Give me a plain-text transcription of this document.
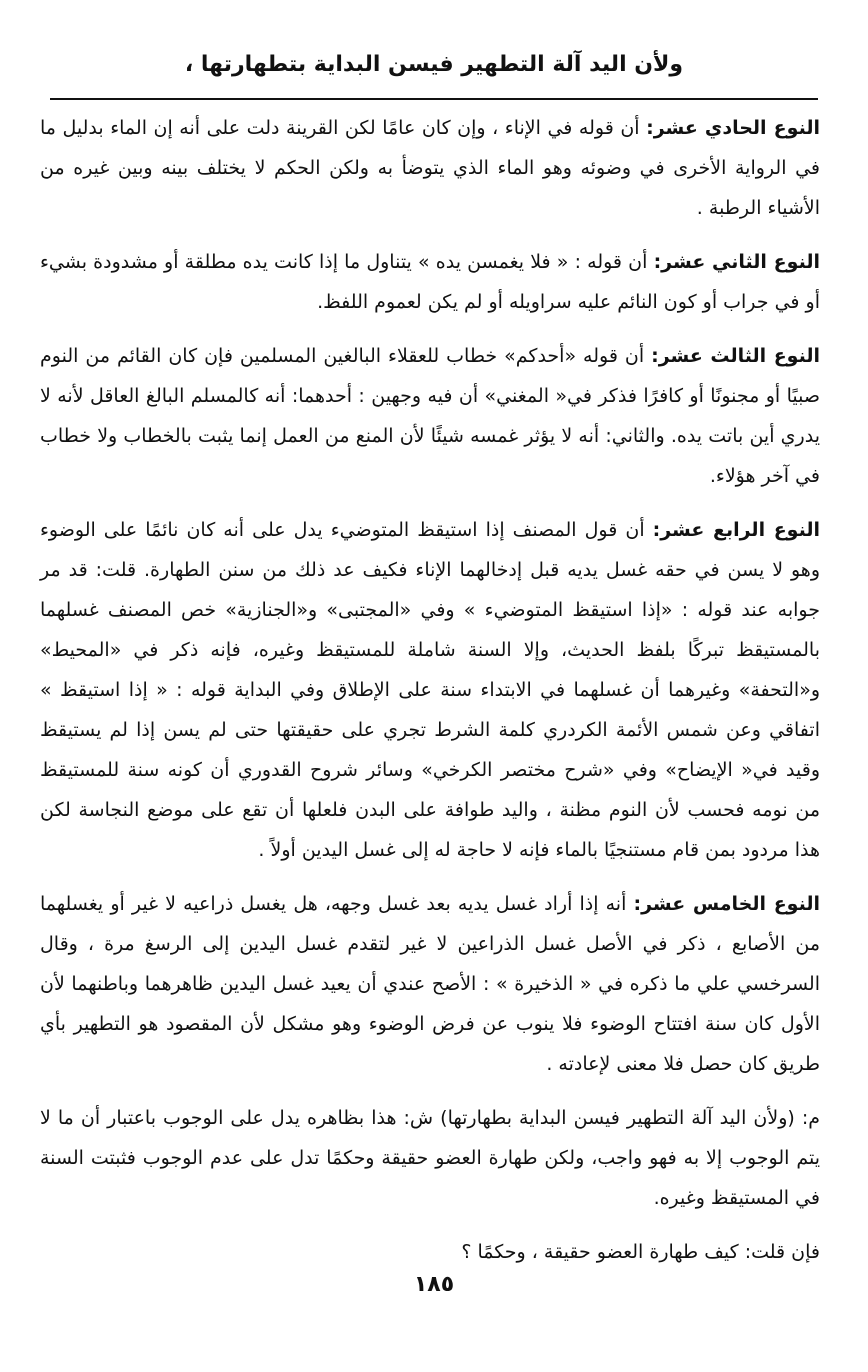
ولأن اليد آلة التطهير فيسن البداية بتطهارتها ،

النوع الحادي عشر: أن قوله في الإناء ، وإن كان عامًا لكن القرينة دلت على أنه إن الماء بدليل ما في الرواية الأخرى في وضوئه وهو الماء الذي يتوضأ به ولكن الحكم لا يختلف بينه وبين غيره من الأشياء الرطبة .

النوع الثاني عشر: أن قوله : « فلا يغمسن يده » يتناول ما إذا كانت يده مطلقة أو مشدودة بشيء أو في جراب أو كون النائم عليه سراويله أو لم يكن لعموم اللفظ.

النوع الثالث عشر: أن قوله «أحدكم» خطاب للعقلاء البالغين المسلمين فإن كان القائم من النوم صبيًا أو مجنونًا أو كافرًا فذكر في« المغني» أن فيه وجهين : أحدهما: أنه كالمسلم البالغ العاقل لأنه لا يدري أين باتت يده. والثاني: أنه لا يؤثر غمسه شيئًا لأن المنع من العمل إنما يثبت بالخطاب ولا خطاب في آخر هؤلاء.

النوع الرابع عشر: أن قول المصنف إذا استيقظ المتوضيء يدل على أنه كان نائمًا على الوضوء وهو لا يسن في حقه غسل يديه قبل إدخالهما الإناء فكيف عد ذلك من سنن الطهارة. قلت: قد مر جوابه عند قوله : «إذا استيقظ المتوضيء » وفي «المجتبى» و«الجنازية» خص المصنف غسلهما بالمستيقظ تبركًا بلفظ الحديث، وإلا السنة شاملة للمستيقظ وغيره، فإنه ذكر في «المحيط» و«التحفة» وغيرهما أن غسلهما في الابتداء سنة على الإطلاق وفي البداية قوله : « إذا استيقظ » اتفاقي وعن شمس الأئمة الكردري كلمة الشرط تجري على حقيقتها حتى لم يسن إذا لم يستيقظ وقيد في« الإيضاح» وفي «شرح مختصر الكرخي» وسائر شروح القدوري أن كونه سنة للمستيقظ من نومه فحسب لأن النوم مظنة ، واليد طوافة على البدن فلعلها أن تقع على موضع النجاسة لكن هذا مردود بمن قام مستنجيًا بالماء فإنه لا حاجة له إلى غسل اليدين أولاً .

النوع الخامس عشر: أنه إذا أراد غسل يديه بعد غسل وجهه، هل يغسل ذراعيه لا غير أو يغسلهما من الأصابع ، ذكر في الأصل غسل الذراعين لا غير لتقدم غسل اليدين إلى الرسغ مرة ، وقال السرخسي علي ما ذكره في « الذخيرة » : الأصح عندي أن يعيد غسل اليدين ظاهرهما وباطنهما لأن الأول كان سنة افتتاح الوضوء فلا ينوب عن فرض الوضوء وهو مشكل لأن المقصود هو التطهير بأي طريق كان حصل فلا معنى لإعادته .

م: (ولأن اليد آلة التطهير فيسن البداية بطهارتها) ش: هذا بظاهره يدل على الوجوب باعتبار أن ما لا يتم الوجوب إلا به فهو واجب، ولكن طهارة العضو حقيقة وحكمًا تدل على عدم الوجوب فثبتت السنة في المستيقظ وغيره.

فإن قلت: كيف طهارة العضو حقيقة ، وحكمًا ؟

١٨٥
